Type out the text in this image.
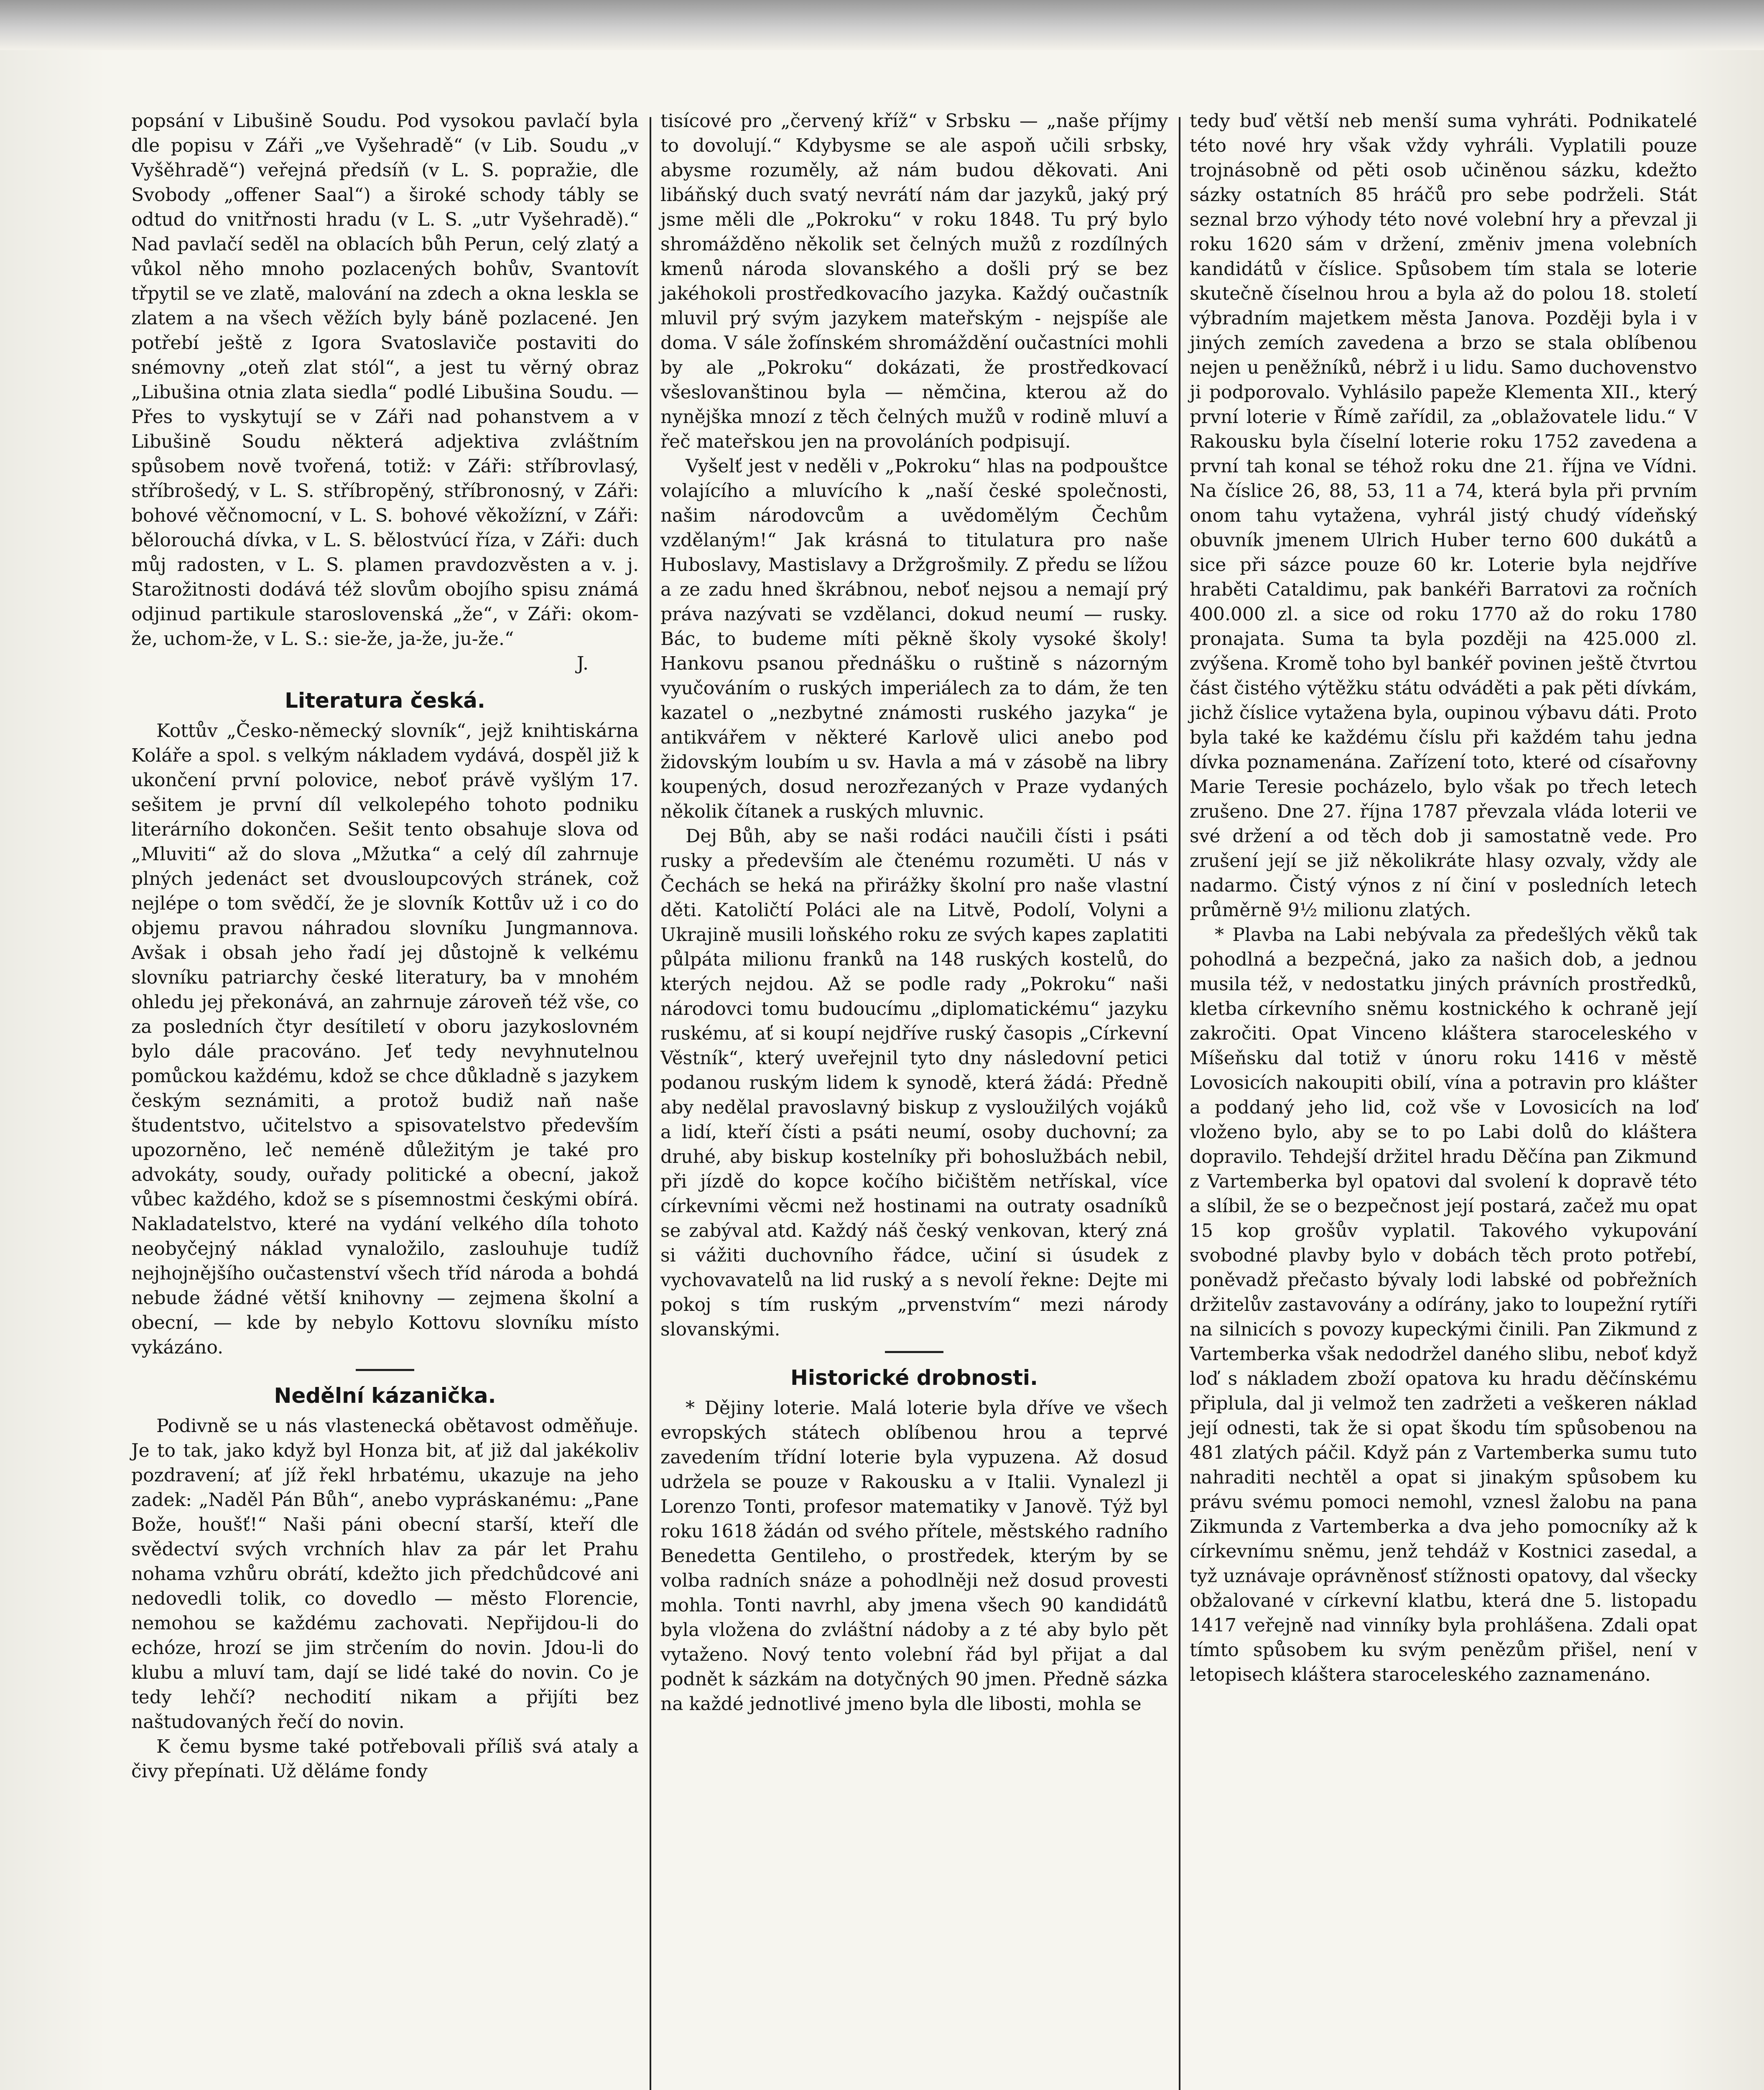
popsání v Libušině Soudu. Pod vysokou pavlačí byla dle popisu v Záři „ve Vyšehradě“ (v Lib. Soudu „v Vyšěhradě“) veřejná předsíň (v L. S. popražie, dle Svobody „offener Saal“) a široké schody tábly se odtud do vnitřnosti hradu (v L. S. „utr Vyšehradě).“ Nad pavlačí seděl na oblacích bůh Perun, celý zlatý a vůkol něho mnoho pozlacených bohův, Svantovít třpytil se ve zlatě, malování na zdech a okna leskla se zlatem a na všech věžích byly báně pozlacené. Jen potřebí ještě z Igora Svatoslaviče postaviti do snémovny „oteň zlat stól“, a jest tu věrný obraz „Libušina otnia zlata siedla“ podlé Libušina Soudu. — Přes to vyskytují se v Záři nad pohanstvem a v Libušině Soudu některá adjektiva zvláštním spůsobem nově tvořená, totiž: v Záři: stříbrovlasý, stříbrošedý, v L. S. stříbropěný, stříbronosný, v Záři: bohové věčnomocní, v L. S. bohové věkožízní, v Záři: bělorouchá dívka, v L. S. bělostvúcí říza, v Záři: duch můj radosten, v L. S. plamen pravdozvěsten a v. j. Starožitnosti dodává též slovům obojího spisu známá odjinud partikule staroslovenská „že“, v Záři: okom-že, uchom-že, v L. S.: sie-že, ja-že, ju-že.“

J.

Literatura česká.

Kottův „Česko-německý slovník“, jejž knihtiskárna Koláře a spol. s velkým nákladem vydává, dospěl již k ukončení první polovice, neboť právě vyšlým 17. sešitem je první díl velkolepého tohoto podniku literárního dokončen. Sešit tento obsahuje slova od „Mluviti“ až do slova „Mžutka“ a celý díl zahrnuje plných jedenáct set dvousloupcových stránek, což nejlépe o tom svědčí, že je slovník Kottův už i co do objemu pravou náhradou slovníku Jungmannova. Avšak i obsah jeho řadí jej důstojně k velkému slovníku patriarchy české literatury, ba v mnohém ohledu jej překonává, an zahrnuje zároveň též vše, co za posledních čtyr desítiletí v oboru jazykoslovném bylo dále pracováno. Jeť tedy nevyhnutelnou pomůckou každému, kdož se chce důkladně s jazykem českým seznámiti, a protož budiž naň naše študentstvo, učitelstvo a spisovatelstvo především upozorněno, leč neméně důležitým je také pro advokáty, soudy, ouřady politické a obecní, jakož vůbec každého, kdož se s písemnostmi českými obírá. Nakladatelstvo, které na vydání velkého díla tohoto neobyčejný náklad vynaložilo, zaslouhuje tudíž nejhojnějšího oučastenství všech tříd národa a bohdá nebude žádné větší knihovny — zejmena školní a obecní, — kde by nebylo Kottovu slovníku místo vykázáno.

Nedělní kázanička.

Podivně se u nás vlastenecká obětavost odměňuje. Je to tak, jako když byl Honza bit, ať již dal jakékoliv pozdravení; ať jíž řekl hrbatému, ukazuje na jeho zadek: „Naděl Pán Bůh“, anebo vypráskanému: „Pane Bože, houšť!“ Naši páni obecní starší, kteří dle svědectví svých vrchních hlav za pár let Prahu nohama vzhůru obrátí, kdežto jich předchůdcové ani nedovedli tolik, co dovedlo — město Florencie, nemohou se každému zachovati. Nepřijdou-li do echóze, hrozí se jim strčením do novin. Jdou-li do klubu a mluví tam, dají se lidé také do novin. Co je tedy lehčí? nechodití nikam a přijíti bez naštudovaných řečí do novin.

K čemu bysme také potřebovali příliš svá ataly a čivy přepínati. Už děláme fondy

tisícové pro „červený kříž“ v Srbsku — „naše příjmy to dovolují.“ Kdybysme se ale aspoň učili srbsky, abysme rozuměly, až nám budou děkovati. Ani libáňský duch svatý nevrátí nám dar jazyků, jaký prý jsme měli dle „Pokroku“ v roku 1848. Tu prý bylo shromážděno několik set čelných mužů z rozdílných kmenů národa slovanského a došli prý se bez jakéhokoli prostředkovacího jazyka. Každý oučastník mluvil prý svým jazykem mateřským - nejspíše ale doma. V sále žofínském shromáždění oučastníci mohli by ale „Pokroku“ dokázati, že prostředkovací všeslovanštinou byla — němčina, kterou až do nynějška mnozí z těch čelných mužů v rodině mluví a řeč mateřskou jen na provoláních podpisují.

Vyšelť jest v neděli v „Pokroku“ hlas na podpouštce volajícího a mluvícího k „naší české společnosti, našim národovcům a uvědomělým Čechům vzdělaným!“ Jak krásná to titulatura pro naše Huboslavy, Mastislavy a Držgrošmily. Z předu se lížou a ze zadu hned škrábnou, neboť nejsou a nemají prý práva nazývati se vzdělanci, dokud neumí — rusky. Bác, to budeme míti pěkně školy vysoké školy! Hankovu psanou přednášku o ruštině s názorným vyučováním o ruských imperiálech za to dám, že ten kazatel o „nezbytné známosti ruského jazyka“ je antikvářem v některé Karlově ulici anebo pod židovským loubím u sv. Havla a má v zásobě na libry koupených, dosud nerozřezaných v Praze vydaných několik čítanek a ruských mluvnic.

Dej Bůh, aby se naši rodáci naučili čísti i psáti rusky a především ale čtenému rozuměti. U nás v Čechách se heká na přirážky školní pro naše vlastní děti. Katoličtí Poláci ale na Litvě, Podolí, Volyni a Ukrajině musili loňského roku ze svých kapes zaplatiti půlpáta milionu franků na 148 ruských kostelů, do kterých nejdou. Až se podle rady „Pokroku“ naši národovci tomu budoucímu „diplomatickému“ jazyku ruskému, ať si koupí nejdříve ruský časopis „Církevní Věstník“, který uveřejnil tyto dny následovní petici podanou ruským lidem k synodě, která žádá: Předně aby nedělal pravoslavný biskup z vysloužilých vojáků a lidí, kteří čísti a psáti neumí, osoby duchovní; za druhé, aby biskup kostelníky při bohoslužbách nebil, při jízdě do kopce kočího bičištěm netřískal, více církevními věcmi než hostinami na outraty osadníků se zabýval atd. Každý náš český venkovan, který zná si vážiti duchovního řádce, učiní si úsudek z vychovavatelů na lid ruský a s nevolí řekne: Dejte mi pokoj s tím ruským „prvenstvím“ mezi národy slovanskými.

Historické drobnosti.

* Dějiny loterie. Malá loterie byla dříve ve všech evropských státech oblíbenou hrou a teprvé zavedením třídní loterie byla vypuzena. Až dosud udržela se pouze v Rakousku a v Italii. Vynalezl ji Lorenzo Tonti, profesor matematiky v Janově. Týž byl roku 1618 žádán od svého přítele, městského radního Benedetta Gentileho, o prostředek, kterým by se volba radních snáze a pohodlněji než dosud provesti mohla. Tonti navrhl, aby jmena všech 90 kandidátů byla vložena do zvláštní nádoby a z té aby bylo pět vytaženo. Nový tento volební řád byl přijat a dal podnět k sázkám na dotyčných 90 jmen. Předně sázka na každé jednotlivé jmeno byla dle libosti, mohla se

tedy buď větší neb menší suma vyhráti. Podnikatelé této nové hry však vždy vyhráli. Vyplatili pouze trojnásobně od pěti osob učiněnou sázku, kdežto sázky ostatních 85 hráčů pro sebe podrželi. Stát seznal brzo výhody této nové volební hry a převzal ji roku 1620 sám v držení, změniv jmena volebních kandidátů v číslice. Spůsobem tím stala se loterie skutečně číselnou hrou a byla až do polou 18. století výbradním majetkem města Janova. Později byla i v jiných zemích zavedena a brzo se stala oblíbenou nejen u peněžníků, nébrž i u lidu. Samo duchovenstvo ji podporovalo. Vyhlásilo papeže Klementa XII., který první loterie v Římě zařídil, za „oblažovatele lidu.“ V Rakousku byla číselní loterie roku 1752 zavedena a první tah konal se téhož roku dne 21. října ve Vídni. Na číslice 26, 88, 53, 11 a 74, která byla při prvním onom tahu vytažena, vyhrál jistý chudý vídeňský obuvník jmenem Ulrich Huber terno 600 dukátů a sice při sázce pouze 60 kr. Loterie byla nejdříve hraběti Cataldimu, pak bankéři Barratovi za ročních 400.000 zl. a sice od roku 1770 až do roku 1780 pronajata. Suma ta byla později na 425.000 zl. zvýšena. Kromě toho byl bankéř povinen ještě čtvrtou část čistého výtěžku státu odváděti a pak pěti dívkám, jichž číslice vytažena byla, oupinou výbavu dáti. Proto byla také ke každému číslu při každém tahu jedna dívka poznamenána. Zařízení toto, které od císařovny Marie Teresie pocházelo, bylo však po třech letech zrušeno. Dne 27. října 1787 převzala vláda loterii ve své držení a od těch dob ji samostatně vede. Pro zrušení její se již několikráte hlasy ozvaly, vždy ale nadarmo. Čistý výnos z ní činí v posledních letech průměrně 9½ milionu zlatých.

* Plavba na Labi nebývala za předešlých věků tak pohodlná a bezpečná, jako za našich dob, a jednou musila též, v nedostatku jiných právních prostředků, kletba církevního sněmu kostnického k ochraně její zakročiti. Opat Vinceno kláštera staroceleského v Míšeňsku dal totiž v únoru roku 1416 v městě Lovosicích nakoupiti obilí, vína a potravin pro klášter a poddaný jeho lid, což vše v Lovosicích na loď vloženo bylo, aby se to po Labi dolů do kláštera dopravilo. Tehdejší držitel hradu Děčína pan Zikmund z Vartemberka byl opatovi dal svolení k dopravě této a slíbil, že se o bezpečnost její postará, začež mu opat 15 kop grošův vyplatil. Takového vykupování svobodné plavby bylo v dobách těch proto potřebí, poněvadž přečasto bývaly lodi labské od pobřežních držitelův zastavovány a odírány, jako to loupežní rytíři na silnicích s povozy kupeckými činili. Pan Zikmund z Vartemberka však nedodržel daného slibu, neboť když loď s nákladem zboží opatova ku hradu děčínskému připlula, dal ji velmož ten zadržeti a veškeren náklad její odnesti, tak že si opat škodu tím spůsobenou na 481 zlatých páčil. Když pán z Vartemberka sumu tuto nahraditi nechtěl a opat si jinakým spůsobem ku právu svému pomoci nemohl, vznesl žalobu na pana Zikmunda z Vartemberka a dva jeho pomocníky až k církevnímu sněmu, jenž tehdáž v Kostnici zasedal, a tyž uznávaje oprávněnosť stížnosti opatovy, dal všecky obžalované v církevní klatbu, která dne 5. listopadu 1417 veřejně nad vinníky byla prohlášena. Zdali opat tímto spůsobem ku svým penězům přišel, není v letopisech kláštera staroceleského zaznamenáno.
